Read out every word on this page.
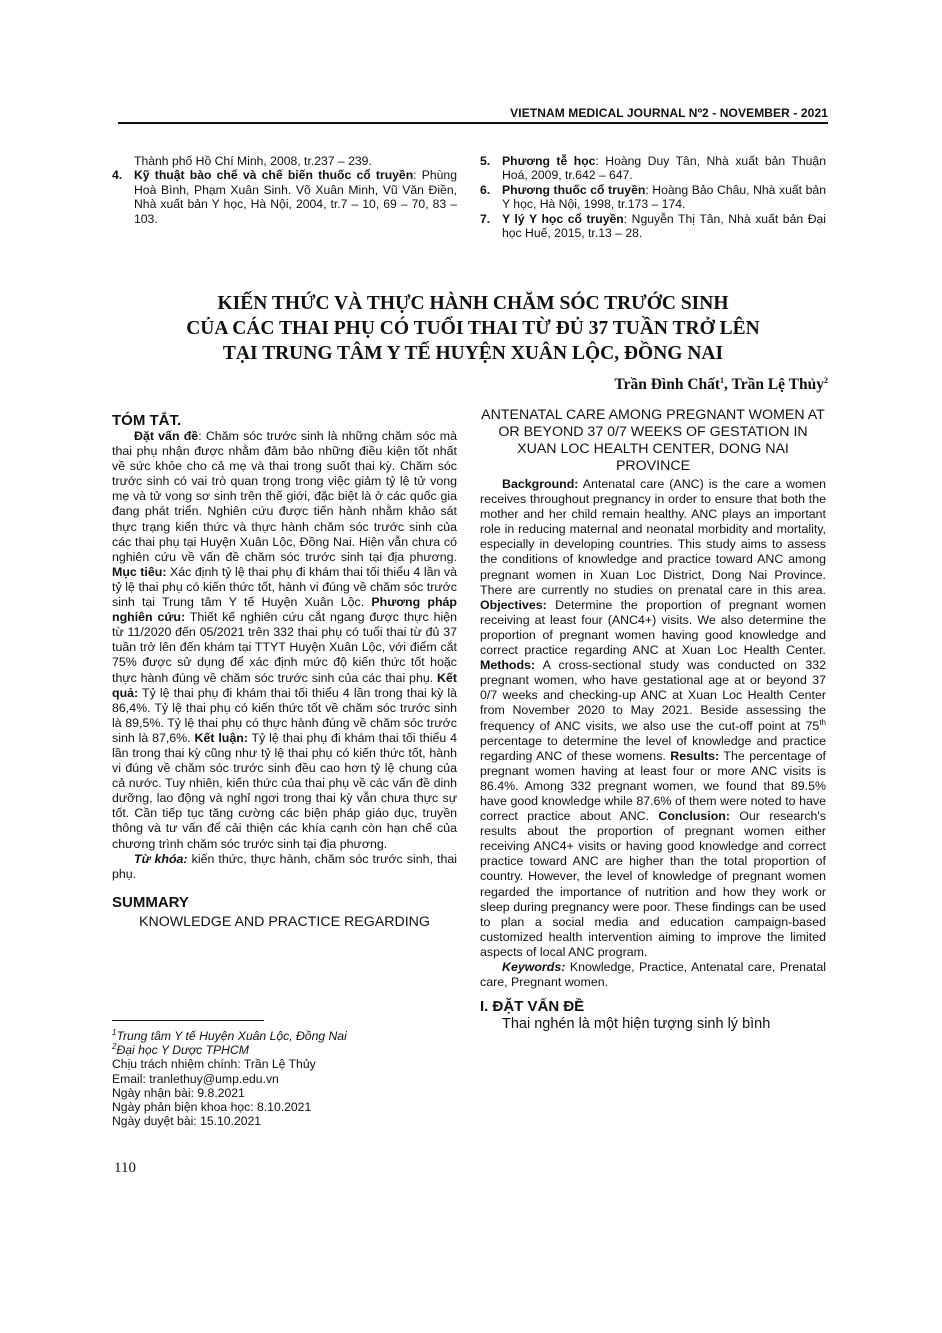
VIETNAM MEDICAL JOURNAL Nº2 - NOVEMBER - 2021
Thành phố Hồ Chí Minh, 2008, tr.237 – 239.
4. Kỹ thuật bào chế và chế biến thuốc cổ truyền: Phùng Hoà Bình, Phạm Xuân Sinh. Võ Xuân Minh, Vũ Văn Điền, Nhà xuất bản Y học, Hà Nội, 2004, tr.7 – 10, 69 – 70, 83 – 103.
5. Phương tễ học: Hoàng Duy Tân, Nhà xuất bản Thuận Hoá, 2009, tr.642 – 647.
6. Phương thuốc cổ truyền: Hoàng Bảo Châu, Nhà xuất bản Y học, Hà Nội, 1998, tr.173 – 174.
7. Y lý Y học cổ truyền: Nguyễn Thị Tân, Nhà xuất bản Đại học Huế, 2015, tr.13 – 28.
KIẾN THỨC VÀ THỰC HÀNH CHĂM SÓC TRƯỚC SINH
CỦA CÁC THAI PHỤ CÓ TUỔI THAI TỪ ĐỦ 37 TUẦN TRỞ LÊN
TẠI TRUNG TÂM Y TẾ HUYỆN XUÂN LỘC, ĐỒNG NAI
Trần Đình Chất$^1$, Trần Lệ Thủy$^2$

TÓM TẮT.

Đặt vấn đề: Chăm sóc trước sinh là những chăm sóc mà thai phụ nhận được nhằm đảm bảo những điều kiện tốt nhất về sức khỏe cho cả mẹ và thai trong suốt thai kỳ. Chăm sóc trước sinh có vai trò quan trọng trong việc giảm tỷ lệ tử vong mẹ và tử vong sơ sinh trên thế giới, đặc biệt là ở các quốc gia đang phát triển. Nghiên cứu được tiến hành nhằm khảo sát thực trạng kiến thức và thực hành chăm sóc trước sinh của các thai phụ tại Huyện Xuân Lộc, Đồng Nai. Hiện vẫn chưa có nghiên cứu về vấn đề chăm sóc trước sinh tại địa phương. Mục tiêu: Xác định tỷ lệ thai phụ đi khám thai tối thiểu 4 lần và tỷ lệ thai phụ có kiến thức tốt, hành vi đúng về chăm sóc trước sinh tại Trung tâm Y tế Huyện Xuân Lộc. Phương pháp nghiên cứu: Thiết kế nghiên cứu cắt ngang được thực hiện từ 11/2020 đến 05/2021 trên 332 thai phụ có tuổi thai từ đủ 37 tuần trở lên đến khám tại TTYT Huyện Xuân Lộc, với điểm cắt 75% được sử dụng để xác định mức độ kiến thức tốt hoặc thực hành đúng về chăm sóc trước sinh của các thai phụ. Kết quả: Tỷ lệ thai phụ đi khám thai tối thiểu 4 lần trong thai kỳ là 86,4%. Tỷ lệ thai phụ có kiến thức tốt về chăm sóc trước sinh là 89,5%. Tỷ lệ thai phụ có thực hành đúng về chăm sóc trước sinh là 87,6%. Kết luận: Tỷ lệ thai phụ đi khám thai tối thiểu 4 lần trong thai kỳ cũng như tỷ lệ thai phụ có kiến thức tốt, hành vi đúng về chăm sóc trước sinh đều cao hơn tỷ lệ chung của cả nước. Tuy nhiên, kiến thức của thai phụ về các vấn đề dinh dưỡng, lao động và nghỉ ngơi trong thai kỳ vẫn chưa thực sự tốt. Cần tiếp tục tăng cường các biện pháp giáo dục, truyền thông và tư vấn để cải thiện các khía cạnh còn hạn chế của chương trình chăm sóc trước sinh tại địa phương.

Từ khóa: kiến thức, thực hành, chăm sóc trước sinh, thai phụ.

SUMMARY

KNOWLEDGE AND PRACTICE REGARDING

$^1$Trung tâm Y tế Huyện Xuân Lộc, Đồng Nai
$^2$Đại học Y Dược TPHCM
Chịu trách nhiệm chính: Trần Lệ Thủy
Email: tranlethuy@ump.edu.vn
Ngày nhận bài: 9.8.2021
Ngày phản biện khoa học: 8.10.2021
Ngày duyệt bài: 15.10.2021
110

ANTENATAL CARE AMONG PREGNANT WOMEN AT OR BEYOND 37 0/7 WEEKS OF GESTATION IN XUAN LOC HEALTH CENTER, DONG NAI PROVINCE

Background: Antenatal care (ANC) is the care a women receives throughout pregnancy in order to ensure that both the mother and her child remain healthy. ANC plays an important role in reducing maternal and neonatal morbidity and mortality, especially in developing countries. This study aims to assess the conditions of knowledge and practice toward ANC among pregnant women in Xuan Loc District, Dong Nai Province. There are currently no studies on prenatal care in this area. Objectives: Determine the proportion of pregnant women receiving at least four (ANC4+) visits. We also determine the proportion of pregnant women having good knowledge and correct practice regarding ANC at Xuan Loc Health Center. Methods: A cross-sectional study was conducted on 332 pregnant women, who have gestational age at or beyond 37 0/7 weeks and checking-up ANC at Xuan Loc Health Center from November 2020 to May 2021. Beside assessing the frequency of ANC visits, we also use the cut-off point at 75th percentage to determine the level of knowledge and practice regarding ANC of these womens. Results: The percentage of pregnant women having at least four or more ANC visits is 86.4%. Among 332 pregnant women, we found that 89.5% have good knowledge while 87.6% of them were noted to have correct practice about ANC. Conclusion: Our research's results about the proportion of pregnant women either receiving ANC4+ visits or having good knowledge and correct practice toward ANC are higher than the total proportion of country. However, the level of knowledge of pregnant women regarded the importance of nutrition and how they work or sleep during pregnancy were poor. These findings can be used to plan a social media and education campaign-based customized health intervention aiming to improve the limited aspects of local ANC program.

Keywords: Knowledge, Practice, Antenatal care, Prenatal care, Pregnant women.

I. ĐẶT VẤN ĐỀ

Thai nghén là một hiện tượng sinh lý bình
